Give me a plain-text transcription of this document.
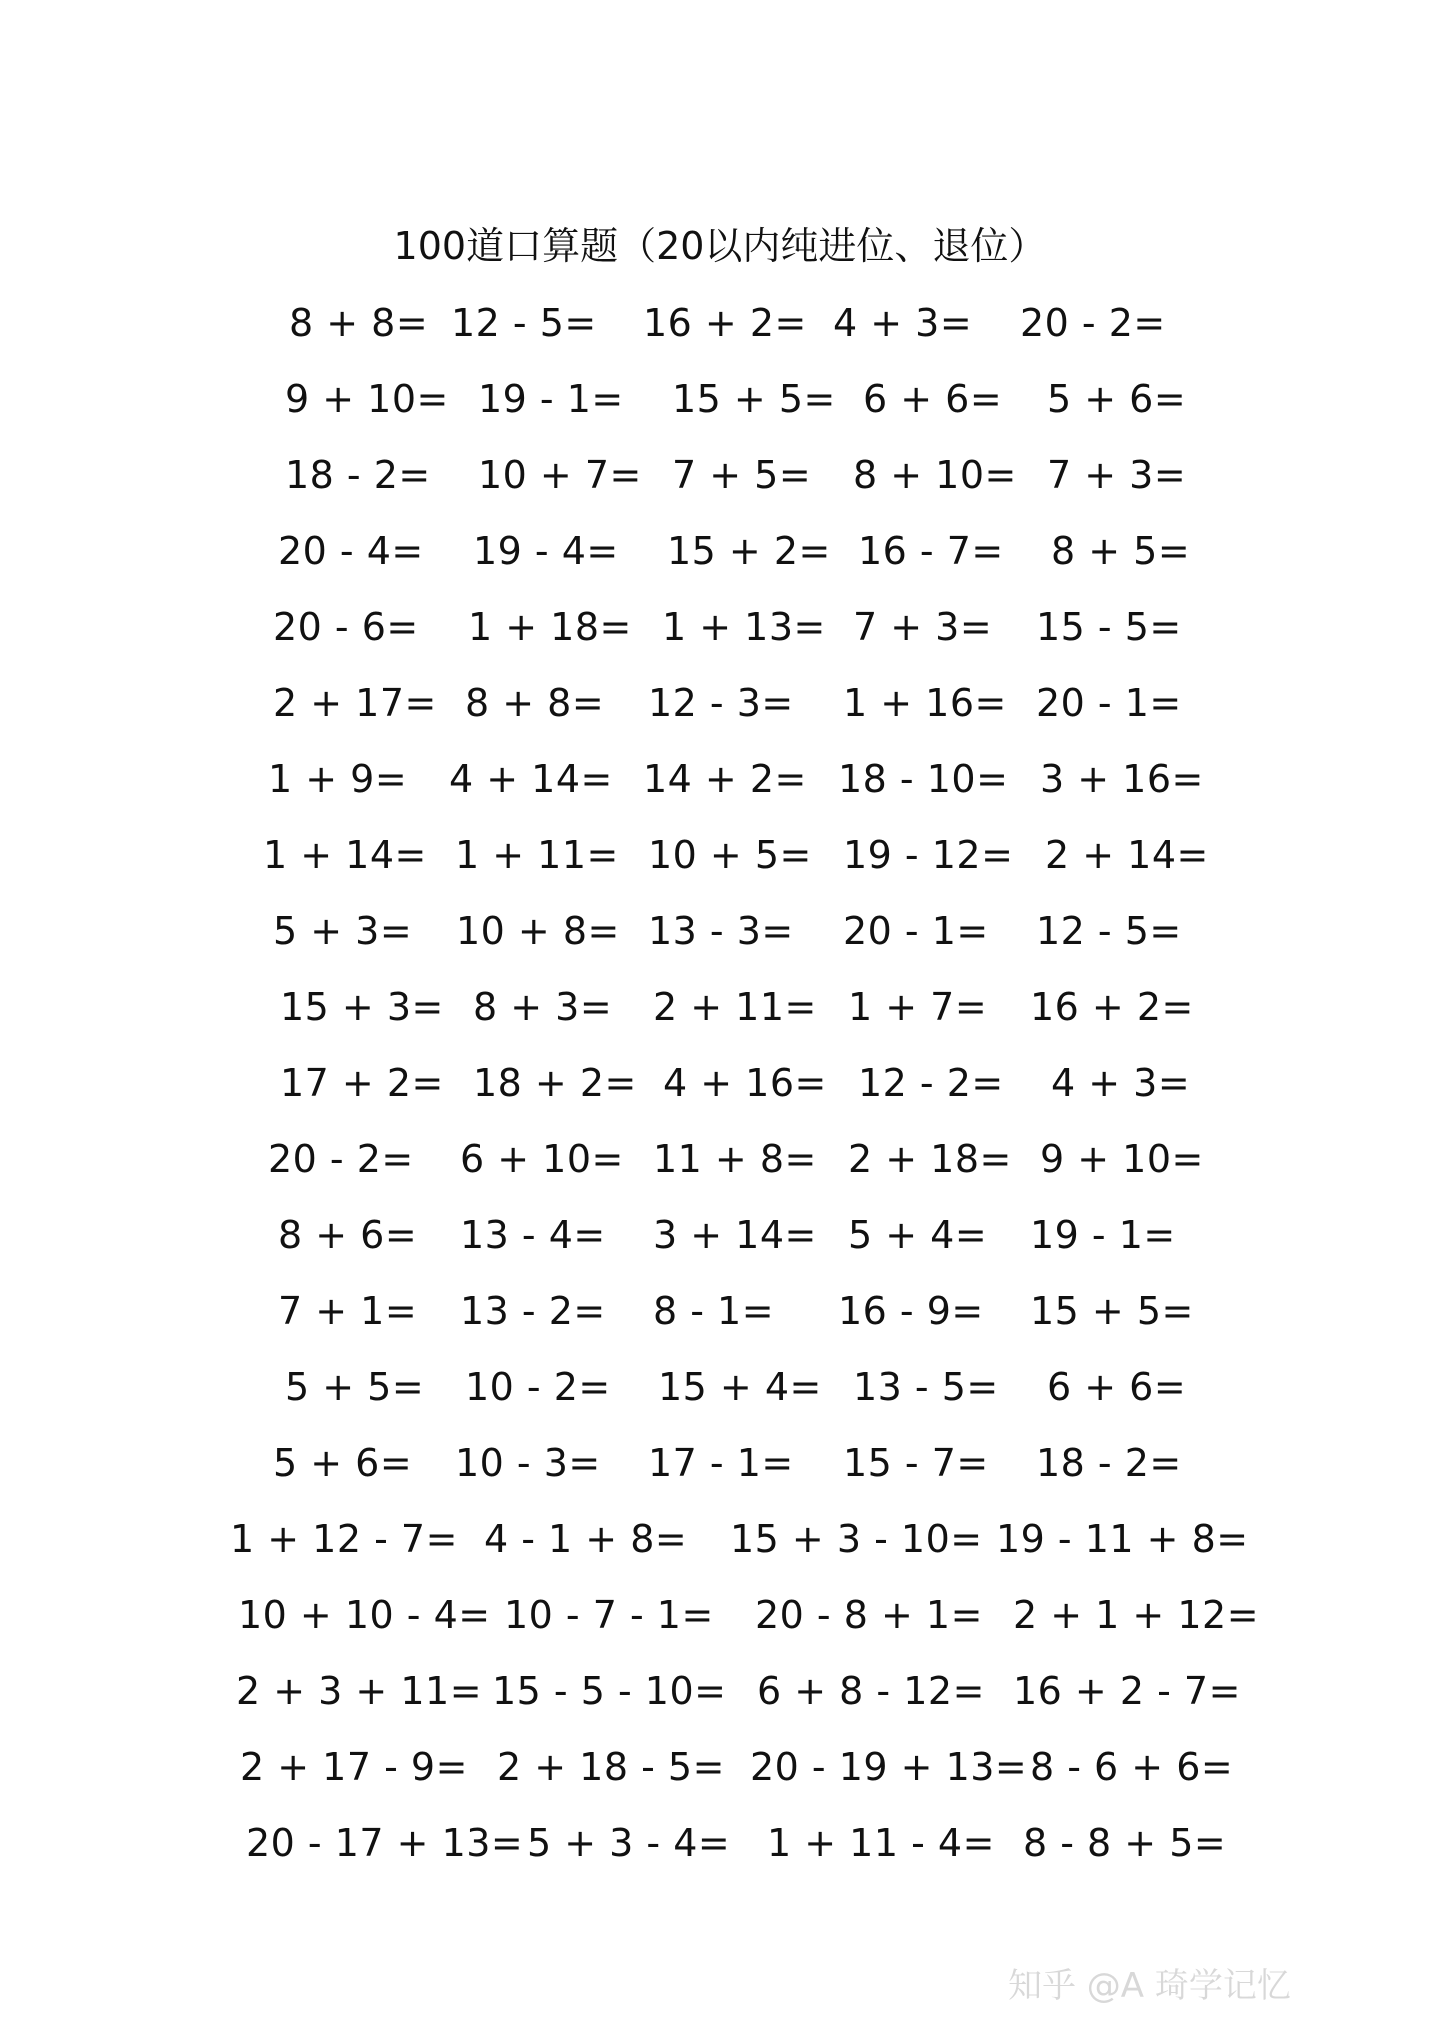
100道口算题（20以内纯进位、退位）
8 + 8= 12 - 5= 16 + 2= 4 + 3= 20 - 2=
9 + 10= 19 - 1= 15 + 5= 6 + 6= 5 + 6=
18 - 2= 10 + 7= 7 + 5= 8 + 10= 7 + 3=
20 - 4= 19 - 4= 15 + 2= 16 - 7= 8 + 5=
20 - 6= 1 + 18= 1 + 13= 7 + 3= 15 - 5=
2 + 17= 8 + 8= 12 - 3= 1 + 16= 20 - 1=
1 + 9= 4 + 14= 14 + 2= 18 - 10= 3 + 16=
1 + 14= 1 + 11= 10 + 5= 19 - 12= 2 + 14=
5 + 3= 10 + 8= 13 - 3= 20 - 1= 12 - 5=
15 + 3= 8 + 3= 2 + 11= 1 + 7= 16 + 2=
17 + 2= 18 + 2= 4 + 16= 12 - 2= 4 + 3=
20 - 2= 6 + 10= 11 + 8= 2 + 18= 9 + 10=
8 + 6= 13 - 4= 3 + 14= 5 + 4= 19 - 1=
7 + 1= 13 - 2= 8 - 1= 16 - 9= 15 + 5=
5 + 5= 10 - 2= 15 + 4= 13 - 5= 6 + 6=
5 + 6= 10 - 3= 17 - 1= 15 - 7= 18 - 2=
1 + 12 - 7= 4 - 1 + 8= 15 + 3 - 10= 19 - 11 + 8=
10 + 10 - 4= 10 - 7 - 1= 20 - 8 + 1= 2 + 1 + 12=
2 + 3 + 11= 15 - 5 - 10= 6 + 8 - 12= 16 + 2 - 7=
2 + 17 - 9= 2 + 18 - 5= 20 - 19 + 13= 8 - 6 + 6=
20 - 17 + 13= 5 + 3 - 4= 1 + 11 - 4= 8 - 8 + 5=
知乎 @A 琦学记忆
